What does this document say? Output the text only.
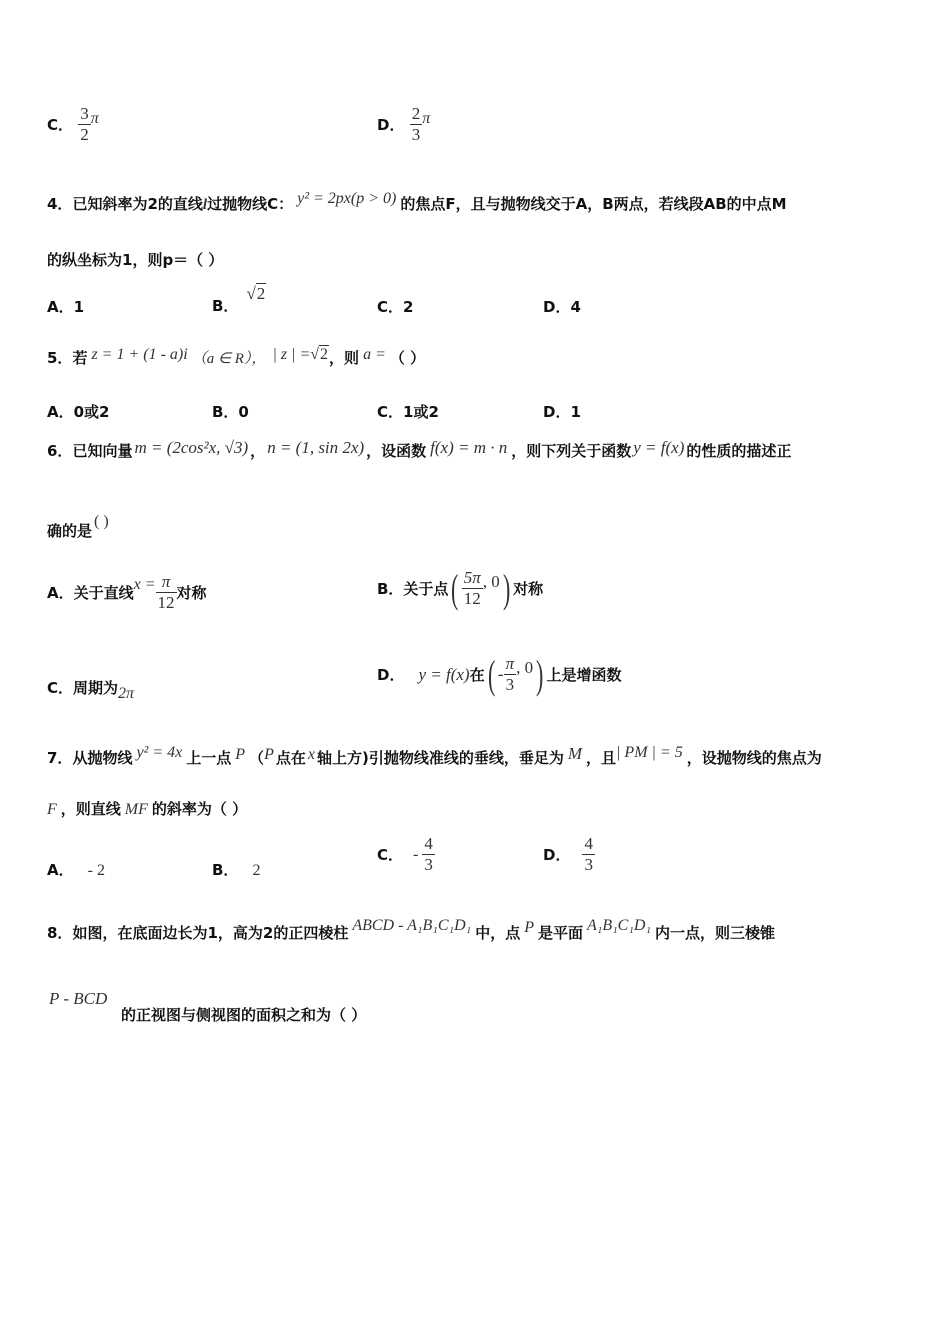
C． $\frac{3}{2}$ π	D． $\frac{2}{3}$ π
4．已知斜率为2的直线l过抛物线C： y² = 2px(p > 0) 的焦点F，且与抛物线交于A，B两点，若线段AB的中点M
的纵坐标为1，则p＝（ ）
A．1	B．√2
C．2	D．4
5．若 z = 1 + (1 - a)i （a ∈ R）， | z | =√2，则 a = （ ）
A．0或2	B．0	C．1或2	D．1
6．已知向量 m = (2cos²x, √3) ， n = (1, sin 2x) ，设函数 f(x) = m · n ，则下列关于函数 y = f(x) 的性质的描述正
确的是( )
A．关于直线$x = \frac{\pi}{12}$ 对称	B．关于点( $\frac{5\pi}{12}$ , 0) 对称
C．周期为2π
D． y = f(x)在( - $\frac{\pi}{3}$ , 0) 上是增函数
7．从抛物线 y² = 4x 上一点 P （P 点在 x 轴上方)引抛物线准线的垂线，垂足为 M ，且| PM | = 5 ，设抛物线的焦点为
F ，则直线 MF 的斜率为（ ）
A． - 2	B． 2
C． - $\frac{4}{3}$	D． $\frac{4}{3}$
8．如图，在底面边长为1，高为2的正四棱柱 ABCD - A₁B₁C₁D₁ 中，点 P 是平面 A₁B₁C₁D₁ 内一点，则三棱锥
P - BCD
的正视图与侧视图的面积之和为（ ）
